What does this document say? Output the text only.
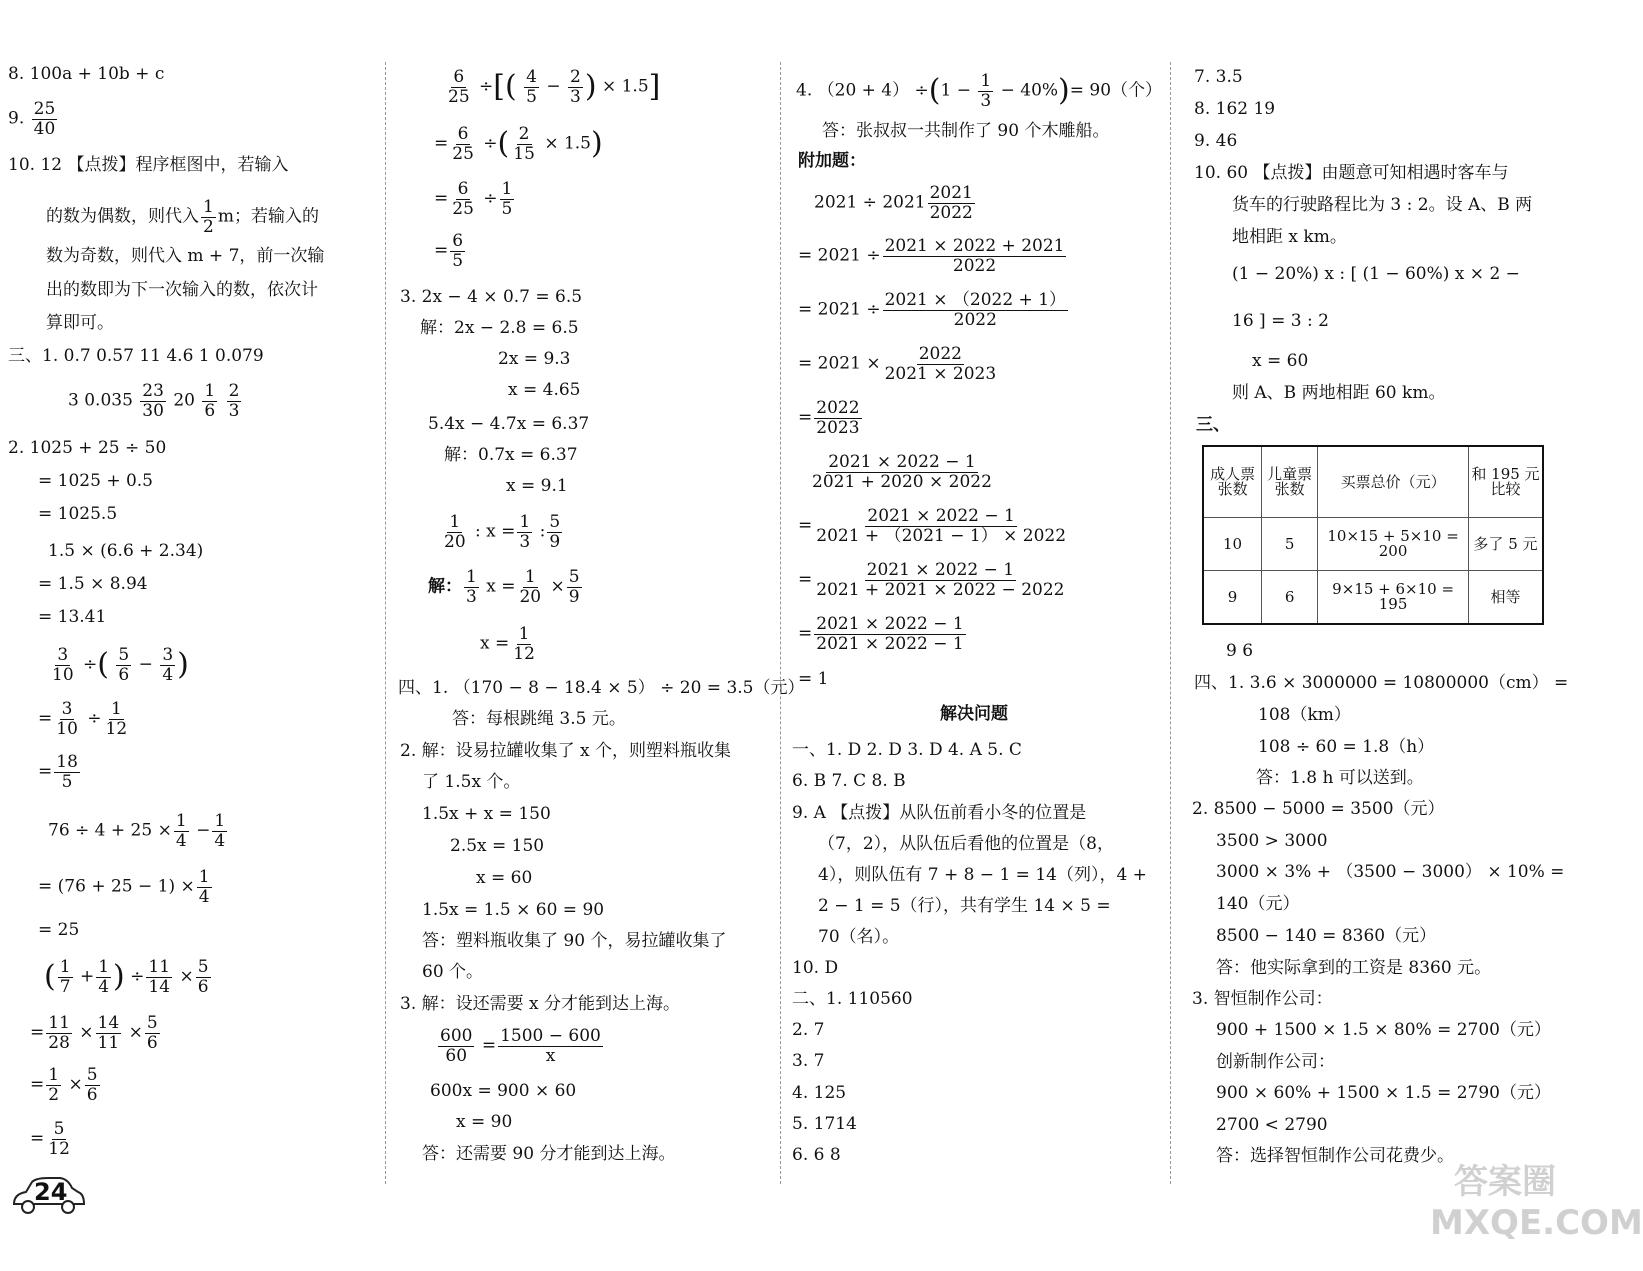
8. 100a + 10b + c
9. $\frac{25}{40}$
10. 12 【点拨】程序框图中，若输入
的数为偶数，则代入 $\frac{1}{2}$ m；若输入的
数为奇数，则代入 m + 7，前一次输
出的数即为下一次输入的数，依次计
算即可。
三、1. 0.7 0.57 11 4.6 1 0.079
3 $0.035 \frac{23}{30} 20 \frac{1}{6}$
$\frac{2}{3}$
2. 1025 + 25 ÷ 50
= 1025 + 0.5
= 1025.5
1.5 × (6.6 + 2.34)
= 1.5 × 8.94
= 13.41
$\frac{3}{10}$ ÷( $\frac{5}{6} - \frac{3}{4}$ )
= $\frac{3}{10} \div \frac{1}{12}$
= $\frac{18}{5}$
$76 \div 4 + 25 \times \frac{1}{4} - \frac{1}{4}$
= $(76 + 25 - 1) \times \frac{1}{4}$
= 25
( $\frac{1}{7} + \frac{1}{4}$ ) ÷ $\frac{11}{14} \times \frac{5}{6}$
= $\frac{11}{28} \times \frac{14}{11} \times \frac{5}{6}$
= $\frac{1}{2} \times \frac{5}{6}$
= $\frac{5}{12}$
$\frac{6}{25}$ ÷[( $\frac{4}{5} - \frac{2}{3}$ ) × 1.5]
= $\frac{6}{25}$ ÷( $\frac{2}{15} \times 1.5$)
= $\frac{6}{25} \div \frac{1}{5}$
= $\frac{6}{5}$
3. 2x − 4 × 0.7 = 6.5
解：2x − 2.8 = 6.5
2x = 9.3
x = 4.65
5.4x − 4.7x = 6.37
解：0.7x = 6.37
x = 9.1
$\frac{1}{20}$ : $x = \frac{1}{3}$ : $\frac{5}{9}$
解： $\frac{1}{3}$ $x = \frac{1}{20} \times \frac{5}{9}$
$x = \frac{1}{12}$
四、1. （170 − 8 − 18.4 × 5） ÷ 20 = 3.5（元）
答：每根跳绳 3.5 元。
2. 解：设易拉罐收集了 x 个，则塑料瓶收集
了 1.5x 个。
1.5x + x = 150
2.5x = 150
x = 60
1.5x = 1.5 × 60 = 90
答：塑料瓶收集了 90 个，易拉罐收集了
60 个。
3. 解：设还需要 x 分才能到达上海。
$\frac{600}{60} = \frac{1500 - 600}{x}$
600x = 900 × 60
x = 90
答：还需要 90 分才能到达上海。
4. $(20 + 4) \div(1 - \frac{1}{3} - 40\%)= 90$（个）
答：张叔叔一共制作了 90 个木雕船。
附加题：
$2021 \div 2021 \frac{2021}{2022}$
= $2021 \div \frac{2021 \times 2022 + 2021}{2022}$
= $2021 \div \frac{2021 \times (2022 + 1)}{2022}$
= $2021 \times \frac{2022}{2021 \times 2023}$
= $\frac{2022}{2023}$
$\frac{2021 \times 2022 - 1}{2021 + 2020 \times 2022}$
= $\frac{2021 \times 2022 - 1}{2021 + (2021 - 1) \times 2022}$
= $\frac{2021 \times 2022 - 1}{2021 + 2021 \times 2022 - 2022}$
= $\frac{2021 \times 2022 - 1}{2021 \times 2022 - 1}$
= 1
解决问题
一、1. D 2. D 3. D 4. A 5. C
6. B 7. C 8. B
9. A 【点拨】从队伍前看小冬的位置是
（7，2），从队伍后看他的位置是（8，
4），则队伍有 7 + 8 − 1 = 14（列），4 +
2 − 1 = 5（行），共有学生 14 × 5 =
70（名）。
10. D
二、1. 110560
2. 7
3. 7
4. 125
5. 1714
6. 6 8
7. 3.5
8. 162 19
9. 46
10. 60 【点拨】由题意可知相遇时客车与
货车的行驶路程比为 3 : 2。设 A、B 两
地相距 x km。
(1 − 20%) x : [ (1 − 60%) x × 2 −
16 ] = 3 : 2
x = 60
则 A、B 两地相距 60 km。
三、
成人票张数	儿童票张数	买票总价（元）	和 195 元比较
10	5	10×15 + 5×10 = 200	多了 5 元
9	6	9×15 + 6×10 = 195	相等
9 6
四、1. 3.6 × 3000000 = 10800000（cm） =
108（km）
108 ÷ 60 = 1.8（h）
答：1.8 h 可以送到。
2. 8500 − 5000 = 3500（元）
3500 > 3000
3000 × 3% + （3500 − 3000） × 10% =
140（元）
8500 − 140 = 8360（元）
答：他实际拿到的工资是 8360 元。
3. 智恒制作公司：
900 + 1500 × 1.5 × 80% = 2700（元）
创新制作公司：
900 × 60% + 1500 × 1.5 = 2790（元）
2700 < 2790
答：选择智恒制作公司花费少。
24	答案圈 MXQE.COM
